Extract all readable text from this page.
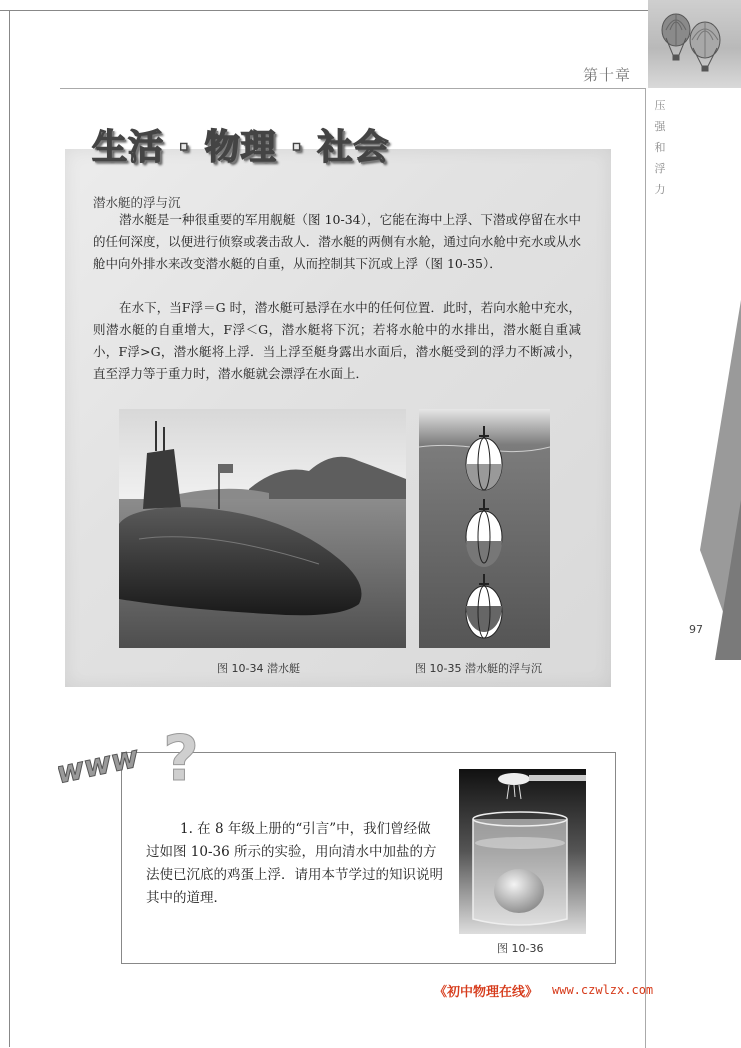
第十章
压
强
和
浮
力
97
生活 · 物理 · 社会
潜水艇的浮与沉
潜水艇是一种很重要的军用舰艇（图 10-34），它能在海中上浮、下潜或停留在水中的任何深度，以便进行侦察或袭击敌人．潜水艇的两侧有水舱，通过向水舱中充水或从水舱中向外排水来改变潜水艇的自重，从而控制其下沉或上浮（图 10-35）．
在水下，当F浮＝G 时，潜水艇可悬浮在水中的任何位置．此时，若向水舱中充水，则潜水艇的自重增大，F浮＜G，潜水艇将下沉；若将水舱中的水排出，潜水艇自重减小，F浮>G，潜水艇将上浮．当上浮至艇身露出水面后，潜水艇受到的浮力不断减小，直至浮力等于重力时，潜水艇就会漂浮在水面上．
图 10-34 潜水艇	图 10-35 潜水艇的浮与沉
www ?
1. 在 8 年级上册的“引言”中，我们曾经做过如图 10-36 所示的实验，用向清水中加盐的方法使已沉底的鸡蛋上浮．请用本节学过的知识说明其中的道理．
图 10-36
《初中物理在线》 www.czwlzx.com
